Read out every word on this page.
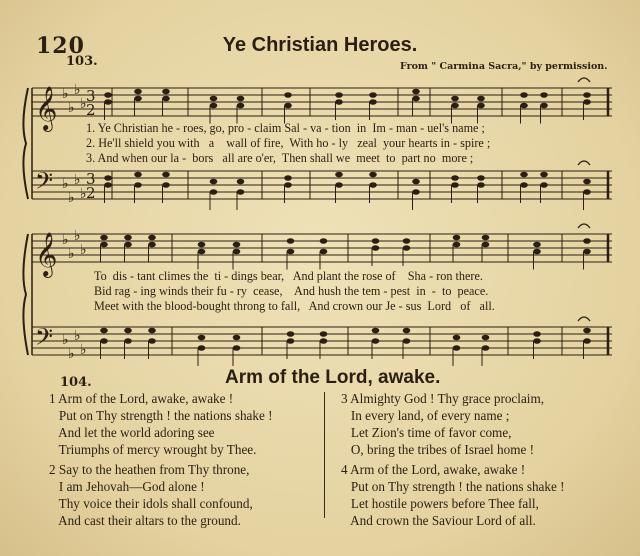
120
103.
Ye Christian Heroes.
From " Carmina Sacra," by permission.
𝄞
𝄢
♭
♭
♭
♭
♭
♭
♭
♭
3
2
3
2
𝄞
𝄢
♭
♭
♭
♭
♭
♭
♭
♭
1. Ye Christian he - roes, go, pro - claim Sal - va - tion  in  Im - man - uel's name ;
2. He'll shield you with   a    wall of fire,  With ho - ly   zeal  your hearts in - spire ;
3. And when our la -  bors   all are o'er,  Then shall we  meet  to  part no  more ;
To  dis - tant climes the  ti - dings bear,   And plant the rose of    Sha - ron there.
Bid rag - ing winds their fu - ry  cease,    And hush the tem - pest  in  -  to  peace.
Meet with the blood-bought throng to fall,   And crown our Je - sus  Lord   of   all.
104.	Arm of the Lord, awake.
1 Arm of the Lord, awake, awake !
Put on Thy strength ! the nations shake !
And let the world adoring see
Triumphs of mercy wrought by Thee.
2 Say to the heathen from Thy throne,
I am Jehovah—God alone !
Thy voice their idols shall confound,
And cast their altars to the ground.
3 Almighty God ! Thy grace proclaim,
In every land, of every name ;
Let Zion's time of favor come,
O, bring the tribes of Israel home !
4 Arm of the Lord, awake, awake !
Put on Thy strength ! the nations shake !
Let hostile powers before Thee fall,
And crown the Saviour Lord of all.
